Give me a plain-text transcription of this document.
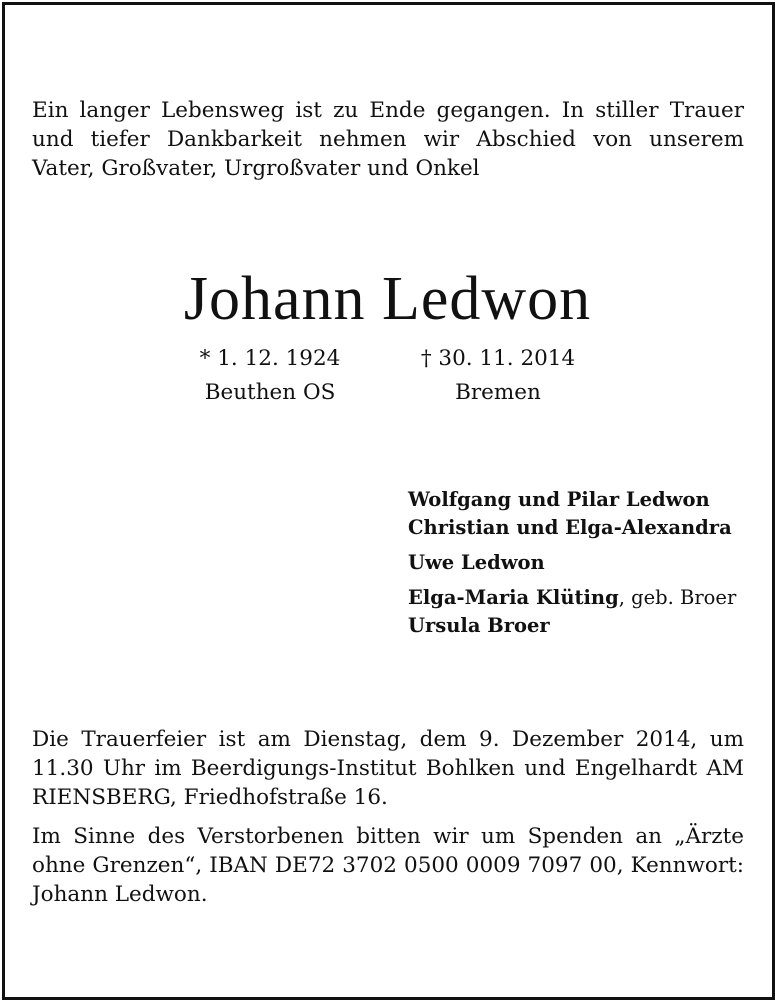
Ein langer Lebensweg ist zu Ende gegangen. In stiller Trauer
und tiefer Dankbarkeit nehmen wir Abschied von unserem
Vater, Großvater, Urgroßvater und Onkel
Johann Ledwon
* 1. 12. 1924
Beuthen OS
† 30. 11. 2014
Bremen
Wolfgang und Pilar Ledwon
Christian und Elga-Alexandra
Uwe Ledwon
Elga-Maria Klüting, geb. Broer
Ursula Broer
Die Trauerfeier ist am Dienstag, dem 9. Dezember 2014, um
11.30 Uhr im Beerdigungs-Institut Bohlken und Engelhardt AM
RIENSBERG, Friedhofstraße 16.
Im Sinne des Verstorbenen bitten wir um Spenden an „Ärzte
ohne Grenzen“, IBAN DE72 3702 0500 0009 7097 00, Kennwort:
Johann Ledwon.
